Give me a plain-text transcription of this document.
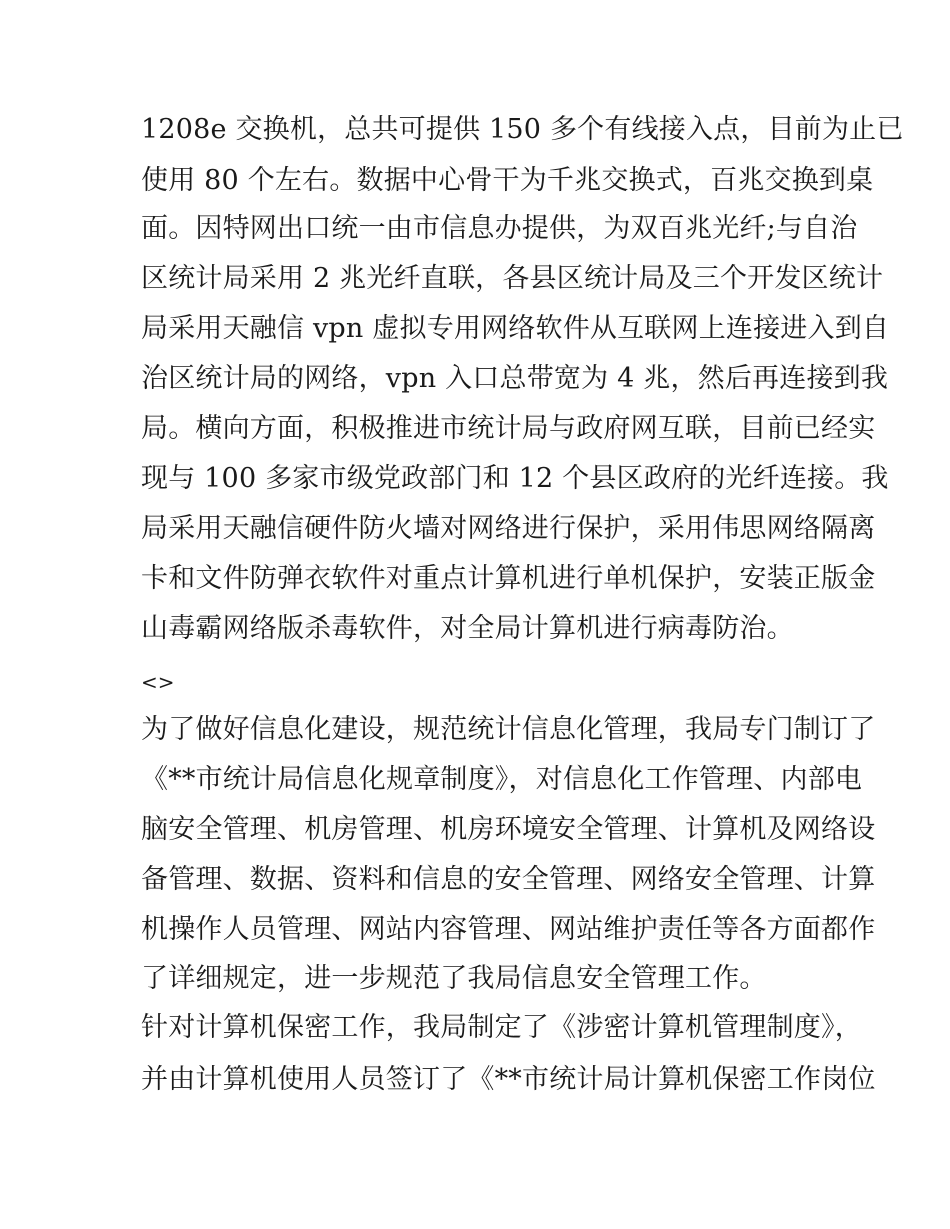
1208e 交换机，总共可提供 150 多个有线接入点，目前为止已
使用 80 个左右。数据中心骨干为千兆交换式，百兆交换到桌
面。因特网出口统一由市信息办提供，为双百兆光纤;与自治
区统计局采用 2 兆光纤直联，各县区统计局及三个开发区统计
局采用天融信 vpn 虚拟专用网络软件从互联网上连接进入到自
治区统计局的网络，vpn 入口总带宽为 4 兆，然后再连接到我
局。横向方面，积极推进市统计局与政府网互联，目前已经实
现与 100 多家市级党政部门和 12 个县区政府的光纤连接。我
局采用天融信硬件防火墙对网络进行保护，采用伟思网络隔离
卡和文件防弹衣软件对重点计算机进行单机保护，安装正版金
山毒霸网络版杀毒软件，对全局计算机进行病毒防治。
<>
为了做好信息化建设，规范统计信息化管理，我局专门制订了
《**市统计局信息化规章制度》，对信息化工作管理、内部电
脑安全管理、机房管理、机房环境安全管理、计算机及网络设
备管理、数据、资料和信息的安全管理、网络安全管理、计算
机操作人员管理、网站内容管理、网站维护责任等各方面都作
了详细规定，进一步规范了我局信息安全管理工作。
针对计算机保密工作，我局制定了《涉密计算机管理制度》，
并由计算机使用人员签订了《**市统计局计算机保密工作岗位
